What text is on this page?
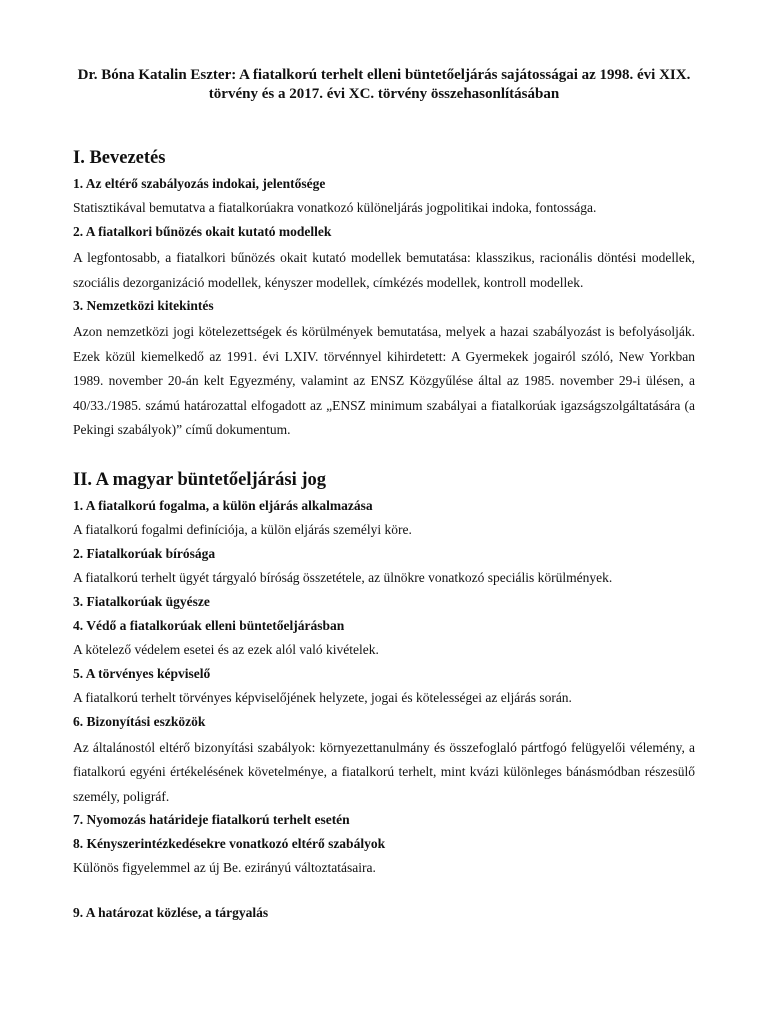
Dr. Bóna Katalin Eszter: A fiatalkorú terhelt elleni büntetőeljárás sajátosságai az 1998. évi XIX. törvény és a 2017. évi XC. törvény összehasonlításában
I. Bevezetés
1. Az eltérő szabályozás indokai, jelentősége
Statisztikával bemutatva a fiatalkorúakra vonatkozó különeljárás jogpolitikai indoka, fontossága.
2. A fiatalkori bűnözés okait kutató modellek
A legfontosabb, a fiatalkori bűnözés okait kutató modellek bemutatása: klasszikus, racionális döntési modellek, szociális dezorganizáció modellek, kényszer modellek, címkézés modellek, kontroll modellek.
3. Nemzetközi kitekintés
Azon nemzetközi jogi kötelezettségek és körülmények bemutatása, melyek a hazai szabályozást is befolyásolják. Ezek közül kiemelkedő az 1991. évi LXIV. törvénnyel kihirdetett: A Gyermekek jogairól szóló, New Yorkban 1989. november 20-án kelt Egyezmény, valamint az ENSZ Közgyűlése által az 1985. november 29-i ülésen, a 40/33./1985. számú határozattal elfogadott az „ENSZ minimum szabályai a fiatalkorúak igazságszolgáltatására (a Pekingi szabályok)” című dokumentum.
II. A magyar büntetőeljárási jog
1. A fiatalkorú fogalma, a külön eljárás alkalmazása
A fiatalkorú fogalmi definíciója, a külön eljárás személyi köre.
2. Fiatalkorúak bírósága
A fiatalkorú terhelt ügyét tárgyaló bíróság összetétele, az ülnökre vonatkozó speciális körülmények.
3. Fiatalkorúak ügyésze
4. Védő a fiatalkorúak elleni büntetőeljárásban
A kötelező védelem esetei és az ezek alól való kivételek.
5. A törvényes képviselő
A fiatalkorú terhelt törvényes képviselőjének helyzete, jogai és kötelességei az eljárás során.
6. Bizonyítási eszközök
Az általánostól eltérő bizonyítási szabályok: környezettanulmány és összefoglaló pártfogó felügyelői vélemény, a fiatalkorú egyéni értékelésének követelménye, a fiatalkorú terhelt, mint kvázi különleges bánásmódban részesülő személy, poligráf.
7. Nyomozás határideje fiatalkorú terhelt esetén
8. Kényszerintézkedésekre vonatkozó eltérő szabályok
Különös figyelemmel az új Be. ezirányú változtatásaira.
9. A határozat közlése, a tárgyalás
